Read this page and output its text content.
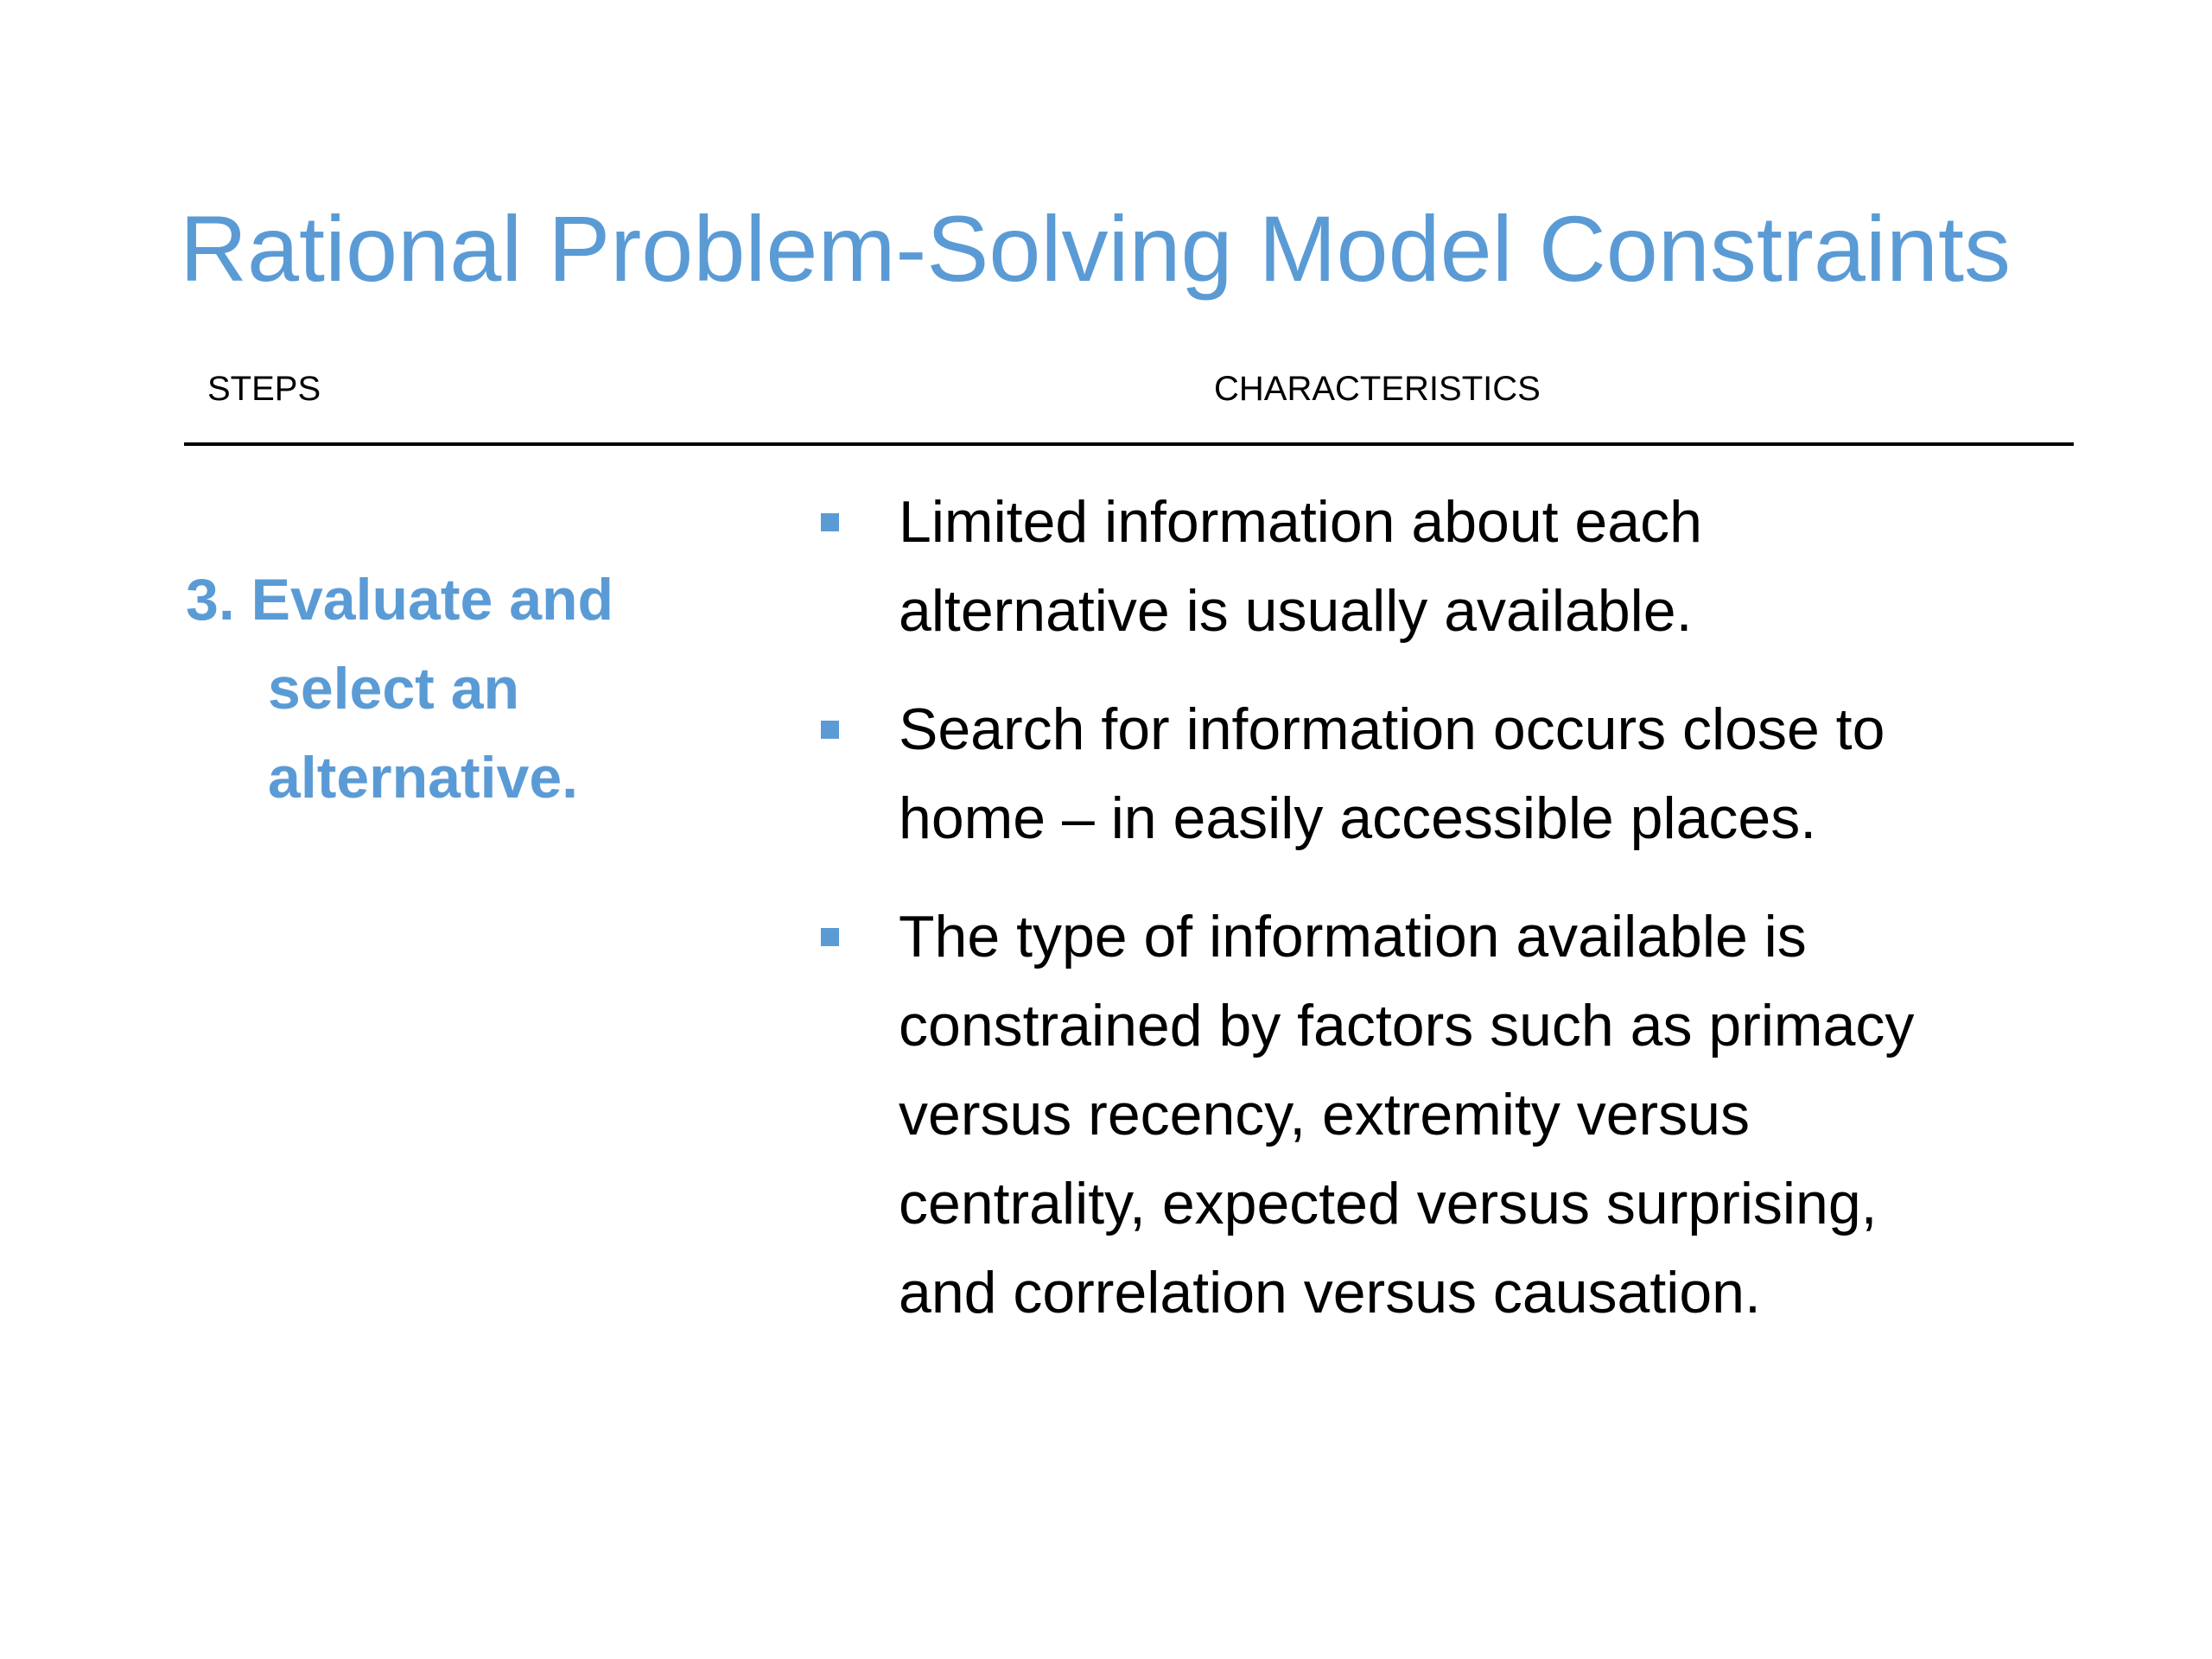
Rational Problem-Solving Model Constraints
STEPS	CHARACTERISTICS

3. Evaluate and
select an
alternative.

Limited information about each
alternative is usually available.
Search for information occurs close to
home – in easily accessible places.
The type of information available is
constrained by factors such as primacy
versus recency, extremity versus
centrality, expected versus surprising,
and correlation versus causation.
